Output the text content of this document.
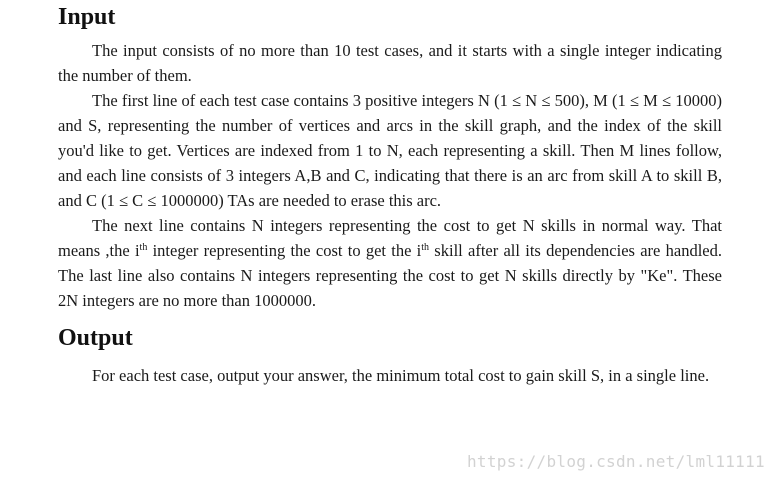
Input

The input consists of no more than 10 test cases, and it starts with a single integer indicating the number of them.

The first line of each test case contains 3 positive integers N (1 ≤ N ≤ 500), M (1 ≤ M ≤ 10000) and S, representing the number of vertices and arcs in the skill graph, and the index of the skill you'd like to get. Vertices are indexed from 1 to N, each representing a skill. Then M lines follow, and each line consists of 3 integers A,B and C, indicating that there is an arc from skill A to skill B, and C (1 ≤ C ≤ 1000000) TAs are needed to erase this arc.

The next line contains N integers representing the cost to get N skills in normal way. That means ,the $i^{th}$ integer representing the cost to get the $i^{th}$ skill after all its dependencies are handled. The last line also contains N integers representing the cost to get N skills directly by "Ke". These 2N integers are no more than 1000000.

Output

For each test case, output your answer, the minimum total cost to gain skill S, in a single line.

https://blog.csdn.net/lml11111
